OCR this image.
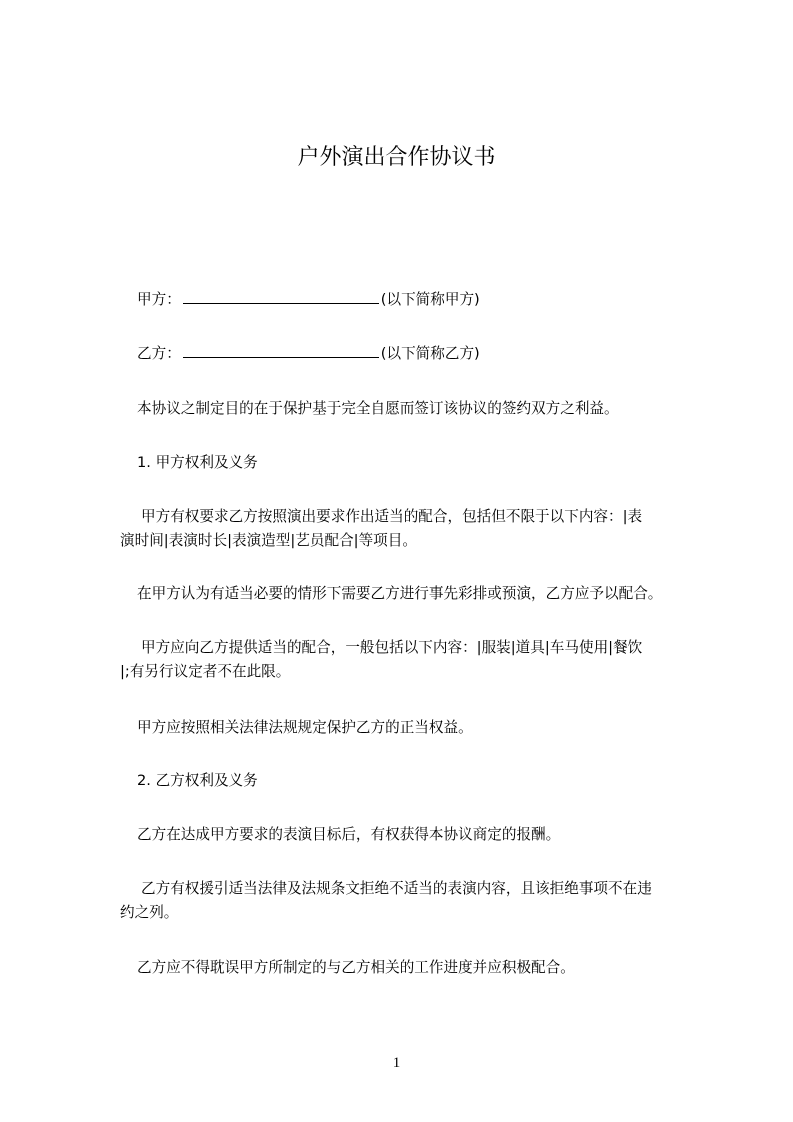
户外演出合作协议书
甲方：	(以下简称甲方)
乙方：	(以下简称乙方)
本协议之制定目的在于保护基于完全自愿而签订该协议的签约双方之利益。
1. 甲方权利及义务
甲方有权要求乙方按照演出要求作出适当的配合，包括但不限于以下内容：|表
演时间|表演时长|表演造型|艺员配合|等项目。
在甲方认为有适当必要的情形下需要乙方进行事先彩排或预演，乙方应予以配合。
甲方应向乙方提供适当的配合，一般包括以下内容：|服装|道具|车马使用|餐饮
|;有另行议定者不在此限。
甲方应按照相关法律法规规定保护乙方的正当权益。
2. 乙方权利及义务
乙方在达成甲方要求的表演目标后，有权获得本协议商定的报酬。
乙方有权援引适当法律及法规条文拒绝不适当的表演内容，且该拒绝事项不在违
约之列。
乙方应不得耽误甲方所制定的与乙方相关的工作进度并应积极配合。
1
